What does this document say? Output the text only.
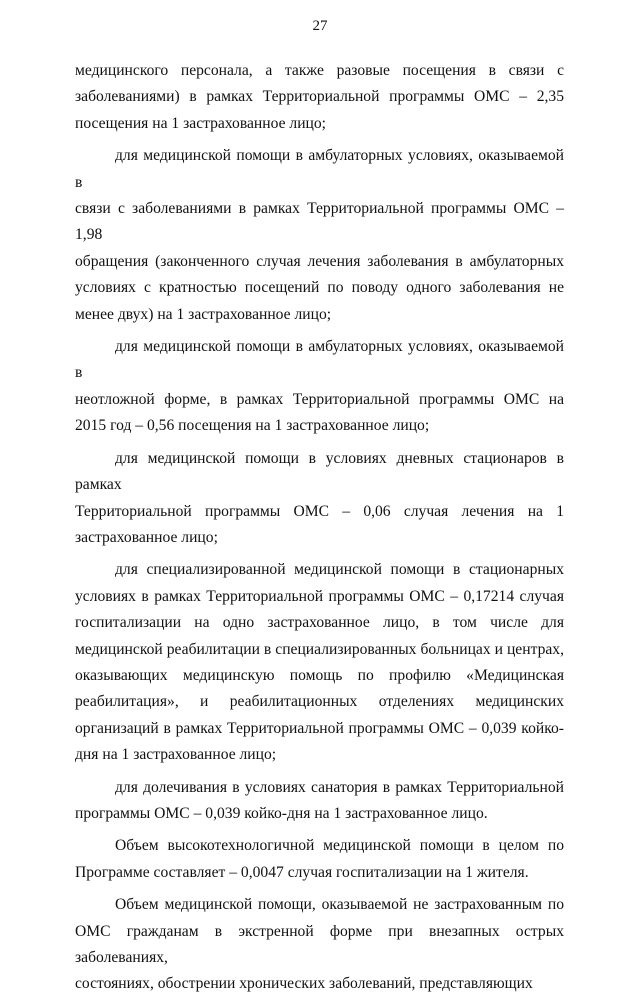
27

медицинского персонала, а также разовые посещения в связи с
заболеваниями) в рамках Территориальной программы ОМС – 2,35
посещения на 1 застрахованное лицо;

для медицинской помощи в амбулаторных условиях, оказываемой в
связи с заболеваниями в рамках Территориальной программы ОМС – 1,98
обращения (законченного случая лечения заболевания в амбулаторных
условиях с кратностью посещений по поводу одного заболевания не
менее двух) на 1 застрахованное лицо;

для медицинской помощи в амбулаторных условиях, оказываемой в
неотложной форме, в рамках Территориальной программы ОМС на
2015 год – 0,56 посещения на 1 застрахованное лицо;

для медицинской помощи в условиях дневных стационаров в рамках
Территориальной программы ОМС – 0,06 случая лечения на 1
застрахованное лицо;

для специализированной медицинской помощи в стационарных
условиях в рамках Территориальной программы ОМС – 0,17214 случая
госпитализации на одно застрахованное лицо, в том числе для
медицинской реабилитации в специализированных больницах и центрах,
оказывающих медицинскую помощь по профилю «Медицинская
реабилитация», и реабилитационных отделениях медицинских
организаций в рамках Территориальной программы ОМС – 0,039 койко-
дня на 1 застрахованное лицо;

для долечивания в условиях санатория в рамках Территориальной
программы ОМС – 0,039 койко-дня на 1 застрахованное лицо.

Объем высокотехнологичной медицинской помощи в целом по
Программе составляет – 0,0047 случая госпитализации на 1 жителя.

Объем медицинской помощи, оказываемой не застрахованным по
ОМС гражданам в экстренной форме при внезапных острых заболеваниях,
состояниях, обострении хронических заболеваний, представляющих
